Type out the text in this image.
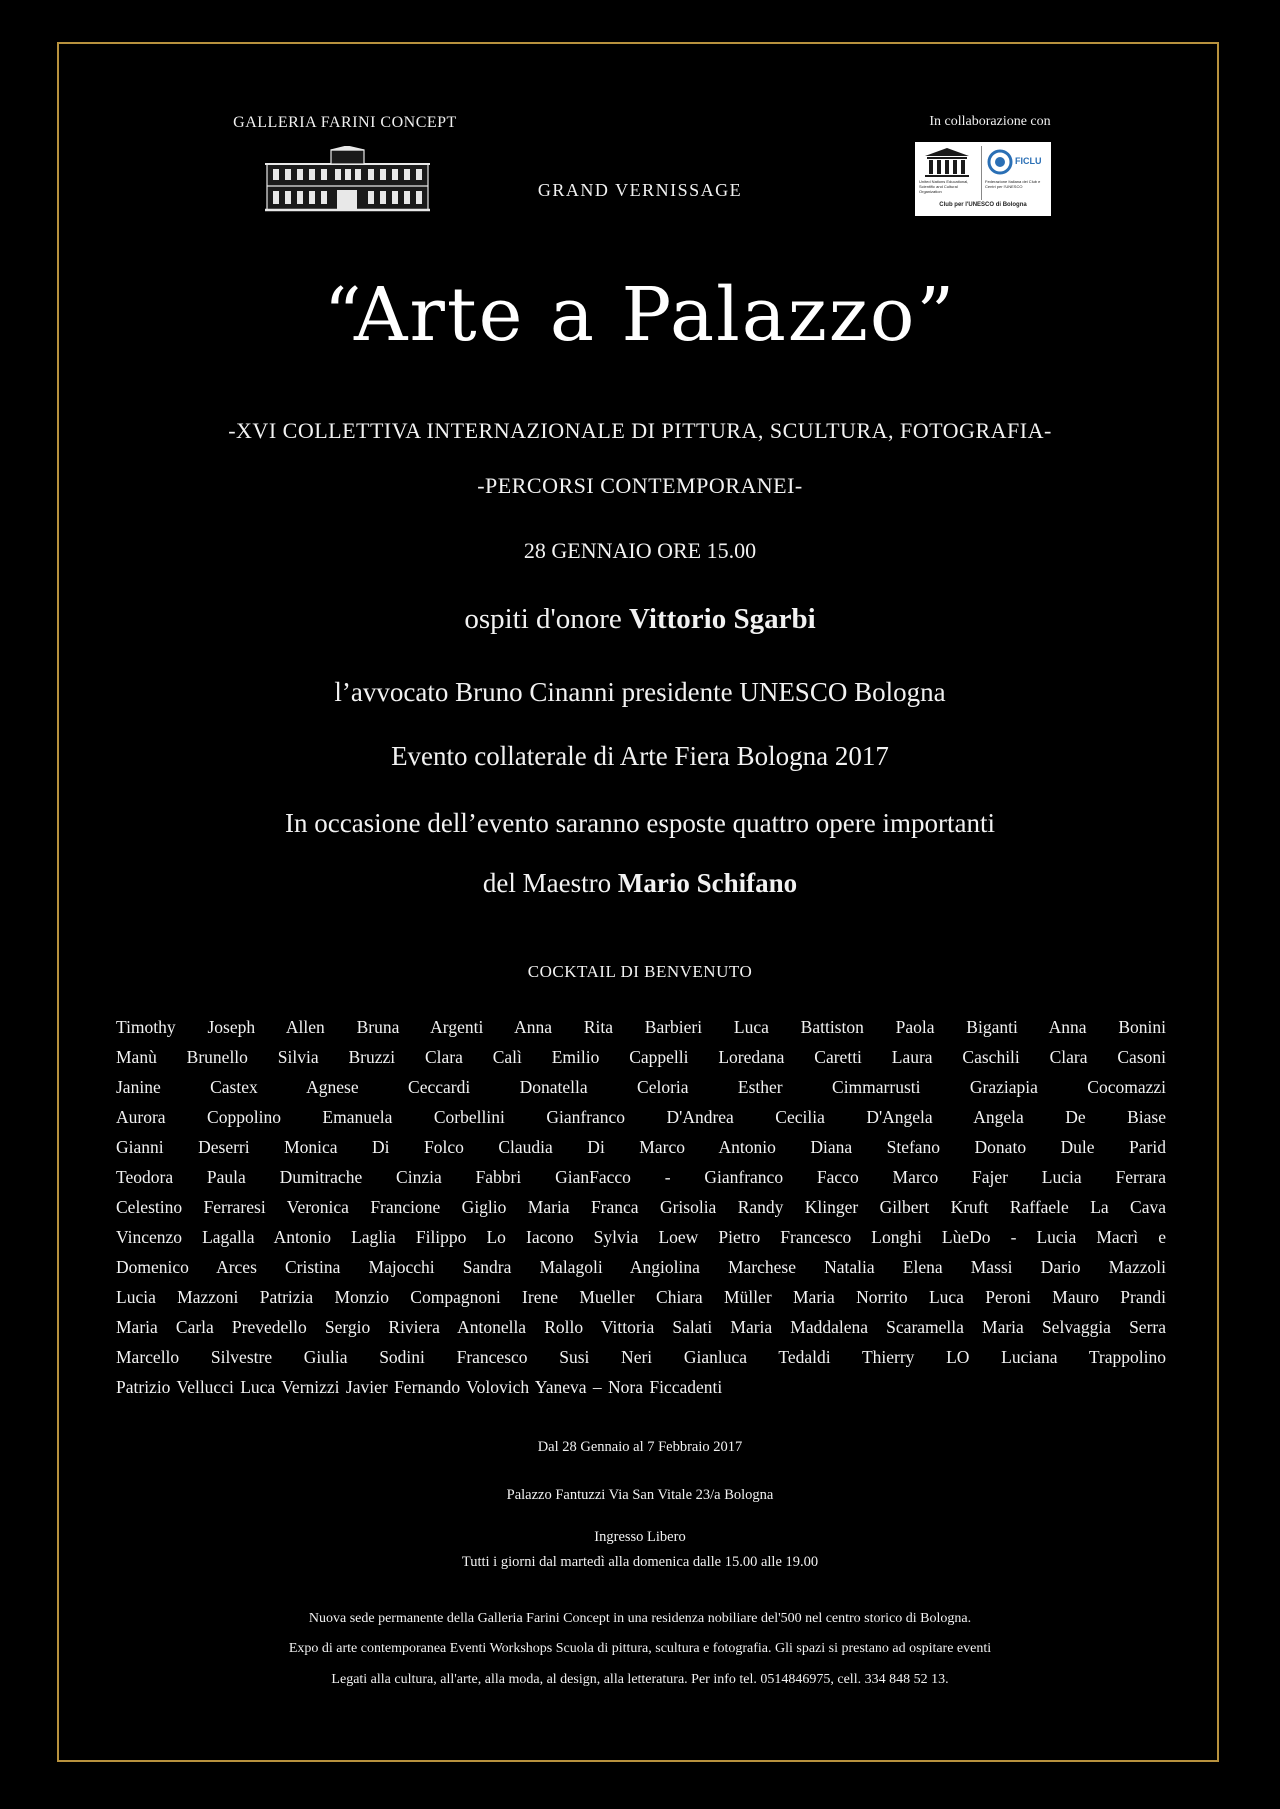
GALLERIA FARINI CONCEPT	In collaborazione con
FICLU
United Nations Educational, Scientific and Cultural Organization
Federazione Italiana dei Club e Centri per l'UNESCO
Club per l'UNESCO di Bologna
GRAND VERNISSAGE
“Arte a Palazzo”
-XVI COLLETTIVA INTERNAZIONALE DI PITTURA, SCULTURA, FOTOGRAFIA-
-PERCORSI CONTEMPORANEI-
28 GENNAIO ORE 15.00
ospiti d'onore Vittorio Sgarbi
l’avvocato Bruno Cinanni presidente UNESCO Bologna
Evento collaterale di Arte Fiera Bologna 2017
In occasione dell’evento saranno esposte quattro opere importanti
del Maestro Mario Schifano
COCKTAIL DI BENVENUTO
Timothy Joseph Allen Bruna Argenti Anna Rita Barbieri Luca Battiston Paola Biganti Anna Bonini
Manù Brunello Silvia Bruzzi Clara Calì Emilio Cappelli Loredana Caretti Laura Caschili Clara Casoni
Janine Castex Agnese Ceccardi Donatella Celoria Esther Cimmarrusti Graziapia Cocomazzi
Aurora Coppolino Emanuela Corbellini Gianfranco D'Andrea Cecilia D'Angela Angela De Biase
Gianni Deserri Monica Di Folco Claudia Di Marco Antonio Diana Stefano Donato Dule Parid
Teodora Paula Dumitrache Cinzia Fabbri GianFacco - Gianfranco Facco Marco Fajer Lucia Ferrara
Celestino Ferraresi Veronica Francione Giglio Maria Franca Grisolia Randy Klinger Gilbert Kruft Raffaele La Cava
Vincenzo Lagalla Antonio Laglia Filippo Lo Iacono Sylvia Loew Pietro Francesco Longhi LùeDo - Lucia Macrì e
Domenico Arces Cristina Majocchi Sandra Malagoli Angiolina Marchese Natalia Elena Massi Dario Mazzoli
Lucia Mazzoni Patrizia Monzio Compagnoni Irene Mueller Chiara Müller Maria Norrito Luca Peroni Mauro Prandi
Maria Carla Prevedello Sergio Riviera Antonella Rollo Vittoria Salati Maria Maddalena Scaramella Maria Selvaggia Serra
Marcello Silvestre Giulia Sodini Francesco Susi Neri Gianluca Tedaldi Thierry LO Luciana Trappolino
Patrizio Vellucci Luca Vernizzi Javier Fernando Volovich Yaneva – Nora Ficcadenti
Dal 28 Gennaio al 7 Febbraio 2017
Palazzo Fantuzzi Via San Vitale 23/a Bologna
Ingresso Libero
Tutti i giorni dal martedì alla domenica dalle 15.00 alle 19.00
Nuova sede permanente della Galleria Farini Concept in una residenza nobiliare del'500 nel centro storico di Bologna.
Expo di arte contemporanea Eventi Workshops Scuola di pittura, scultura e fotografia. Gli spazi si prestano ad ospitare eventi
Legati alla cultura, all'arte, alla moda, al design, alla letteratura. Per info tel. 0514846975, cell. 334 848 52 13.
